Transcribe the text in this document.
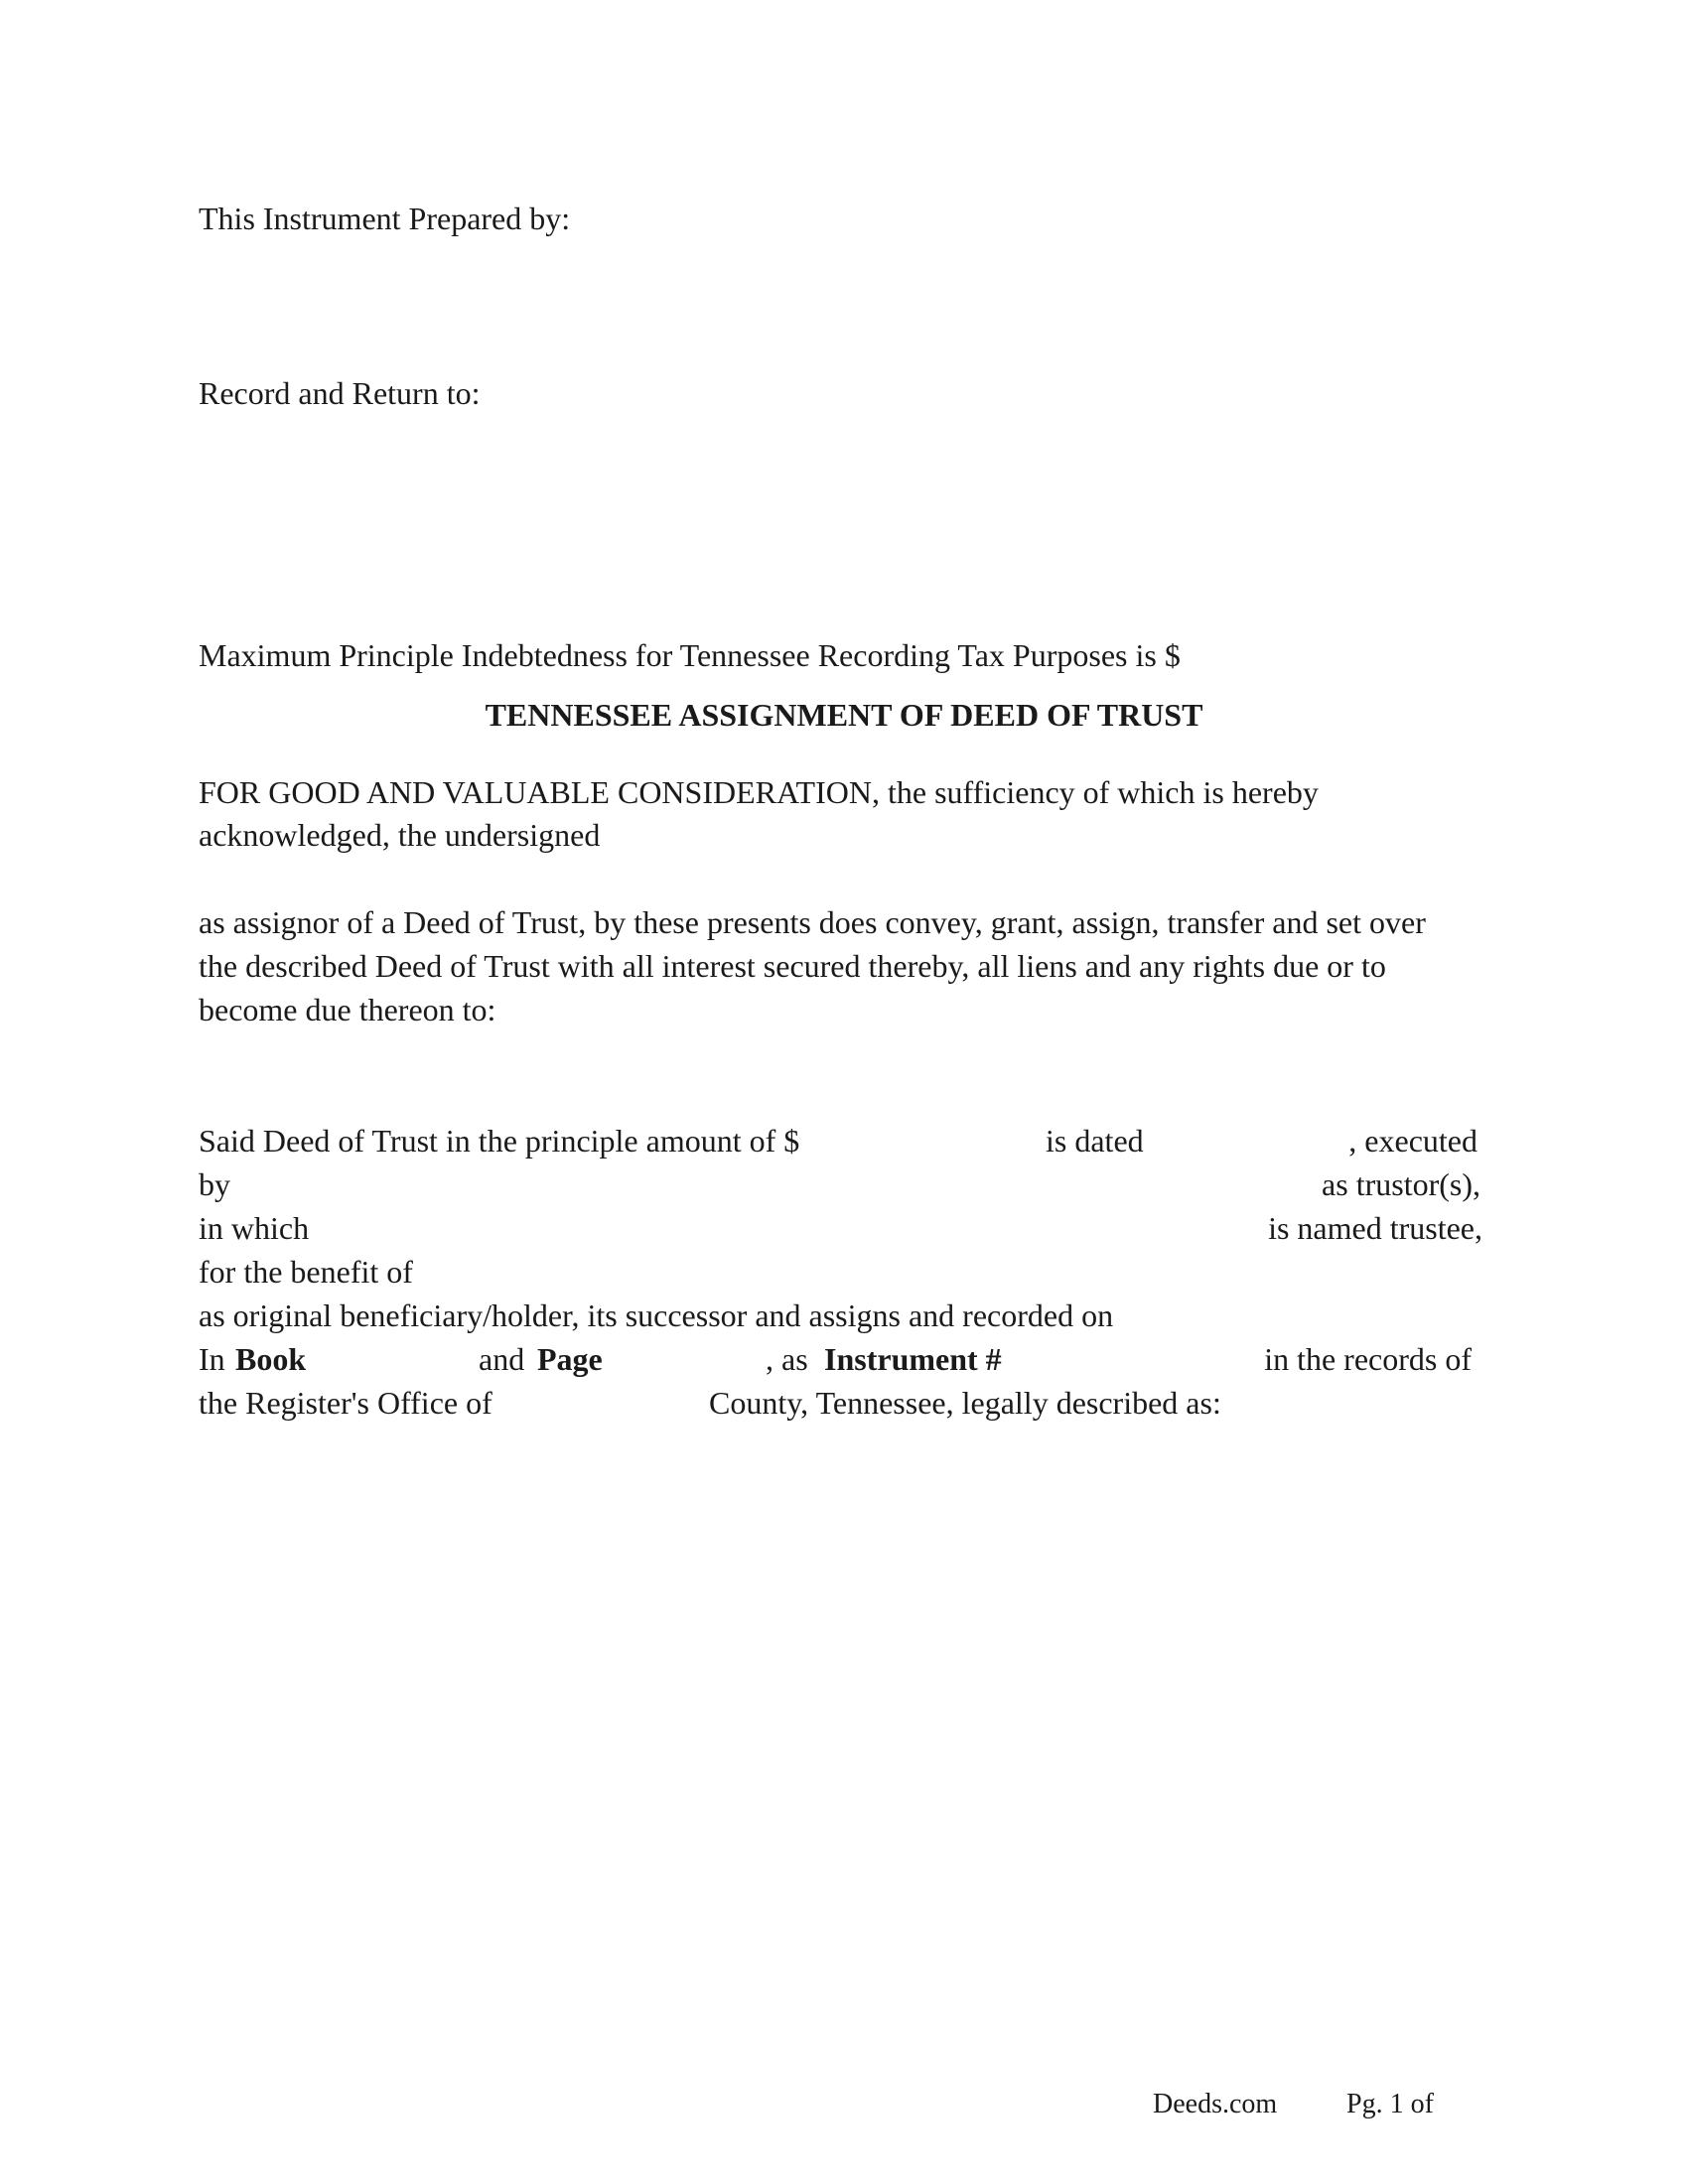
This Instrument Prepared by:
Record and Return to:
Maximum Principle Indebtedness for Tennessee Recording Tax Purposes is $
TENNESSEE ASSIGNMENT OF DEED OF TRUST
FOR GOOD AND VALUABLE CONSIDERATION, the sufficiency of which is hereby
acknowledged, the undersigned
as assignor of a Deed of Trust, by these presents does convey, grant, assign, transfer and set over
the described Deed of Trust with all interest secured thereby, all liens and any rights due or to
become due thereon to:
Said Deed of Trust in the principle amount of $	is dated	, executed
by	as trustor(s),
in which	is named trustee,
for the benefit of
as original beneficiary/holder, its successor and assigns and recorded on
In Book	and Page	, as Instrument #	in the records of
the Register's Office of	County, Tennessee, legally described as:
Deeds.com Pg. 1 of
